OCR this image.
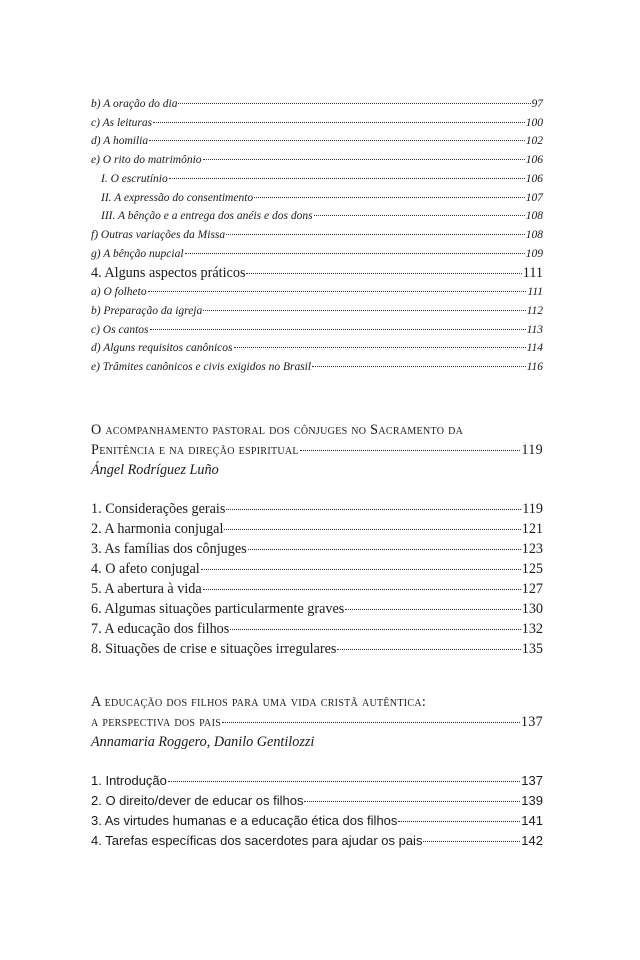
b) A oração do dia	97
c) As leituras	100
d) A homilia	102
e) O rito do matrimônio	106
I. O escrutínio	106
II. A expressão do consentimento	107
III. A bênção e a entrega dos anéis e dos dons	108
f) Outras variações da Missa	108
g) A bênção nupcial	109
4. Alguns aspectos práticos	111
a) O folheto	111
b) Preparação da igreja	112
c) Os cantos	113
d) Alguns requisitos canônicos	114
e) Trâmites canônicos e civis exigidos no Brasil	116
O acompanhamento pastoral dos cônjuges no Sacramento da
Penitência e na direção espiritual	119
Ángel Rodríguez Luño
1. Considerações gerais	119
2. A harmonia conjugal	121
3. As famílias dos cônjuges	123
4. O afeto conjugal	125
5. A abertura à vida	127
6. Algumas situações particularmente graves	130
7. A educação dos filhos	132
8. Situações de crise e situações irregulares	135
A educação dos filhos para uma vida cristã autêntica:
a perspectiva dos pais	137
Annamaria Roggero, Danilo Gentilozzi
1. Introdução	137
2. O direito/dever de educar os filhos	139
3. As virtudes humanas e a educação ética dos filhos	141
4. Tarefas específicas dos sacerdotes para ajudar os pais	142
